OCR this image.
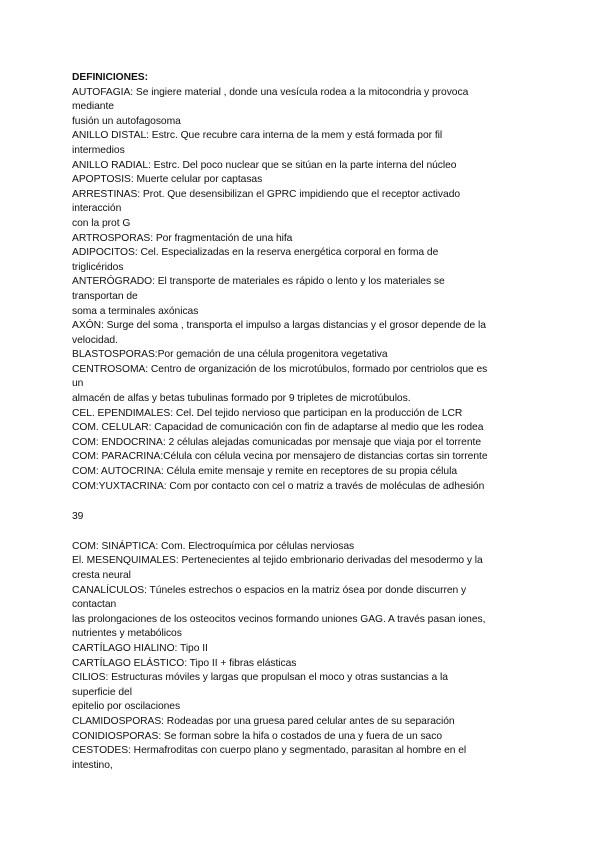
DEFINICIONES:
AUTOFAGIA: Se ingiere material , donde una vesícula rodea a la mitocondria y provoca
mediante
fusión un autofagosoma
ANILLO DISTAL: Estrc. Que recubre cara interna de la mem y está formada por fil
intermedios
ANILLO RADIAL: Estrc. Del poco nuclear que se sitúan en la parte interna del núcleo
APOPTOSIS: Muerte celular por captasas
ARRESTINAS: Prot. Que desensibilizan el GPRC impidiendo que el receptor activado
interacción
con la prot G
ARTROSPORAS: Por fragmentación de una hifa
ADIPOCITOS: Cel. Especializadas en la reserva energética corporal en forma de
triglicéridos
ANTERÓGRADO: El transporte de materiales es rápido o lento y los materiales se
transportan de
soma a terminales axónicas
AXÓN: Surge del soma , transporta el impulso a largas distancias y el grosor depende de la
velocidad.
BLASTOSPORAS:Por gemación de una célula progenitora vegetativa
CENTROSOMA: Centro de organización de los microtúbulos, formado por centriolos que es
un
almacén de alfas y betas tubulinas formado por 9 tripletes de microtúbulos.
CEL. EPENDIMALES: Cel. Del tejido nervioso que participan en la producción de LCR
COM. CELULAR: Capacidad de comunicación con fin de adaptarse al medio que les rodea
COM: ENDOCRINA: 2 células alejadas comunicadas por mensaje que viaja por el torrente
COM: PARACRINA:Célula con célula vecina por mensajero de distancias cortas sin torrente
COM: AUTOCRINA: Célula emite mensaje y remite en receptores de su propia célula
COM:YUXTACRINA: Com por contacto con cel o matriz a través de moléculas de adhesión
39
COM: SINÁPTICA: Com. Electroquímica por células nerviosas
El. MESENQUIMALES: Pertenecientes al tejido embrionario derivadas del mesodermo y la
cresta neural
CANALÍCULOS: Túneles estrechos o espacios en la matriz ósea por donde discurren y
contactan
las prolongaciones de los osteocitos vecinos formando uniones GAG. A través pasan iones,
nutrientes y metabólicos
CARTÍLAGO HIALINO: Tipo II
CARTÍLAGO ELÁSTICO: Tipo II + fibras elásticas
CILIOS: Estructuras móviles y largas que propulsan el moco y otras sustancias a la
superficie del
epitelio por oscilaciones
CLAMIDOSPORAS: Rodeadas por una gruesa pared celular antes de su separación
CONIDIOSPORAS: Se forman sobre la hifa o costados de una y fuera de un saco
CESTODES: Hermafroditas con cuerpo plano y segmentado, parasitan al hombre en el
intestino,
